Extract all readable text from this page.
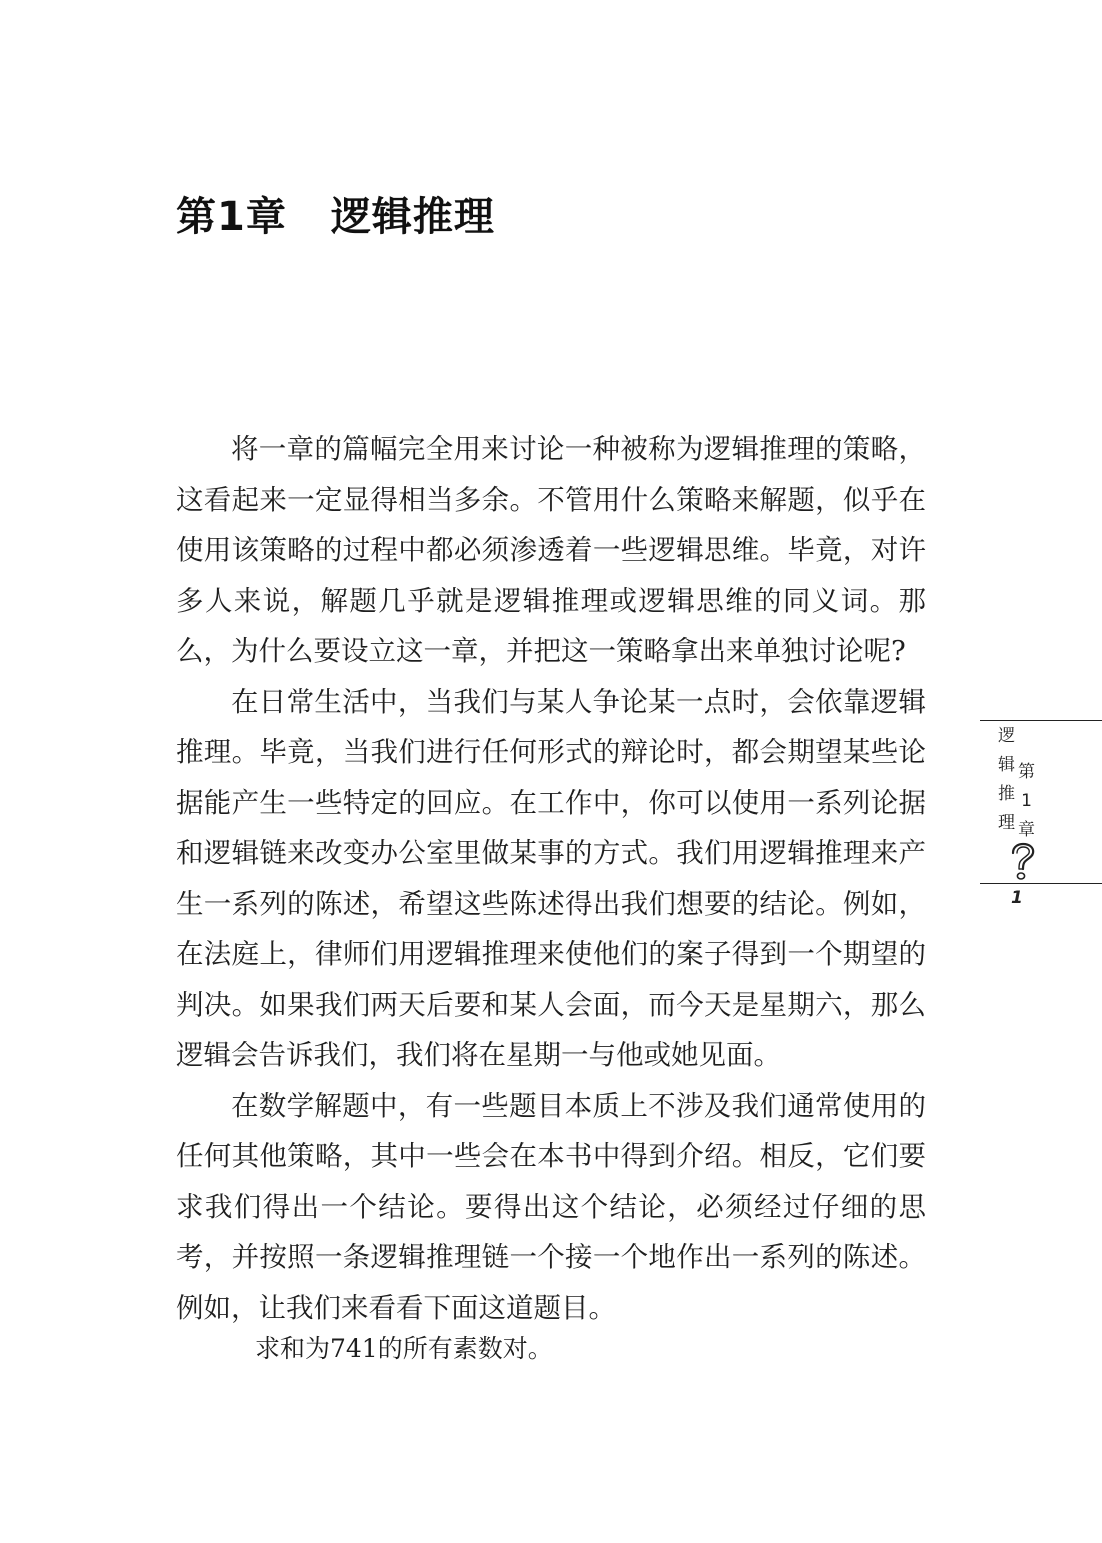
第1章 逻辑推理

将一章的篇幅完全用来讨论一种被称为逻辑推理的策略，这看起来一定显得相当多余。不管用什么策略来解题，似乎在使用该策略的过程中都必须渗透着一些逻辑思维。毕竟，对许多人来说，解题几乎就是逻辑推理或逻辑思维的同义词。那么，为什么要设立这一章，并把这一策略拿出来单独讨论呢?

在日常生活中，当我们与某人争论某一点时，会依靠逻辑推理。毕竟，当我们进行任何形式的辩论时，都会期望某些论据能产生一些特定的回应。在工作中，你可以使用一系列论据和逻辑链来改变办公室里做某事的方式。我们用逻辑推理来产生一系列的陈述，希望这些陈述得出我们想要的结论。例如，在法庭上，律师们用逻辑推理来使他们的案子得到一个期望的判决。如果我们两天后要和某人会面，而今天是星期六，那么逻辑会告诉我们，我们将在星期一与他或她见面。

在数学解题中，有一些题目本质上不涉及我们通常使用的任何其他策略，其中一些会在本书中得到介绍。相反，它们要求我们得出一个结论。要得出这个结论，必须经过仔细的思考，并按照一条逻辑推理链一个接一个地作出一系列的陈述。例如，让我们来看看下面这道题目。

求和为741的所有素数对。
逻
辑
推
理
第
1
章
1
